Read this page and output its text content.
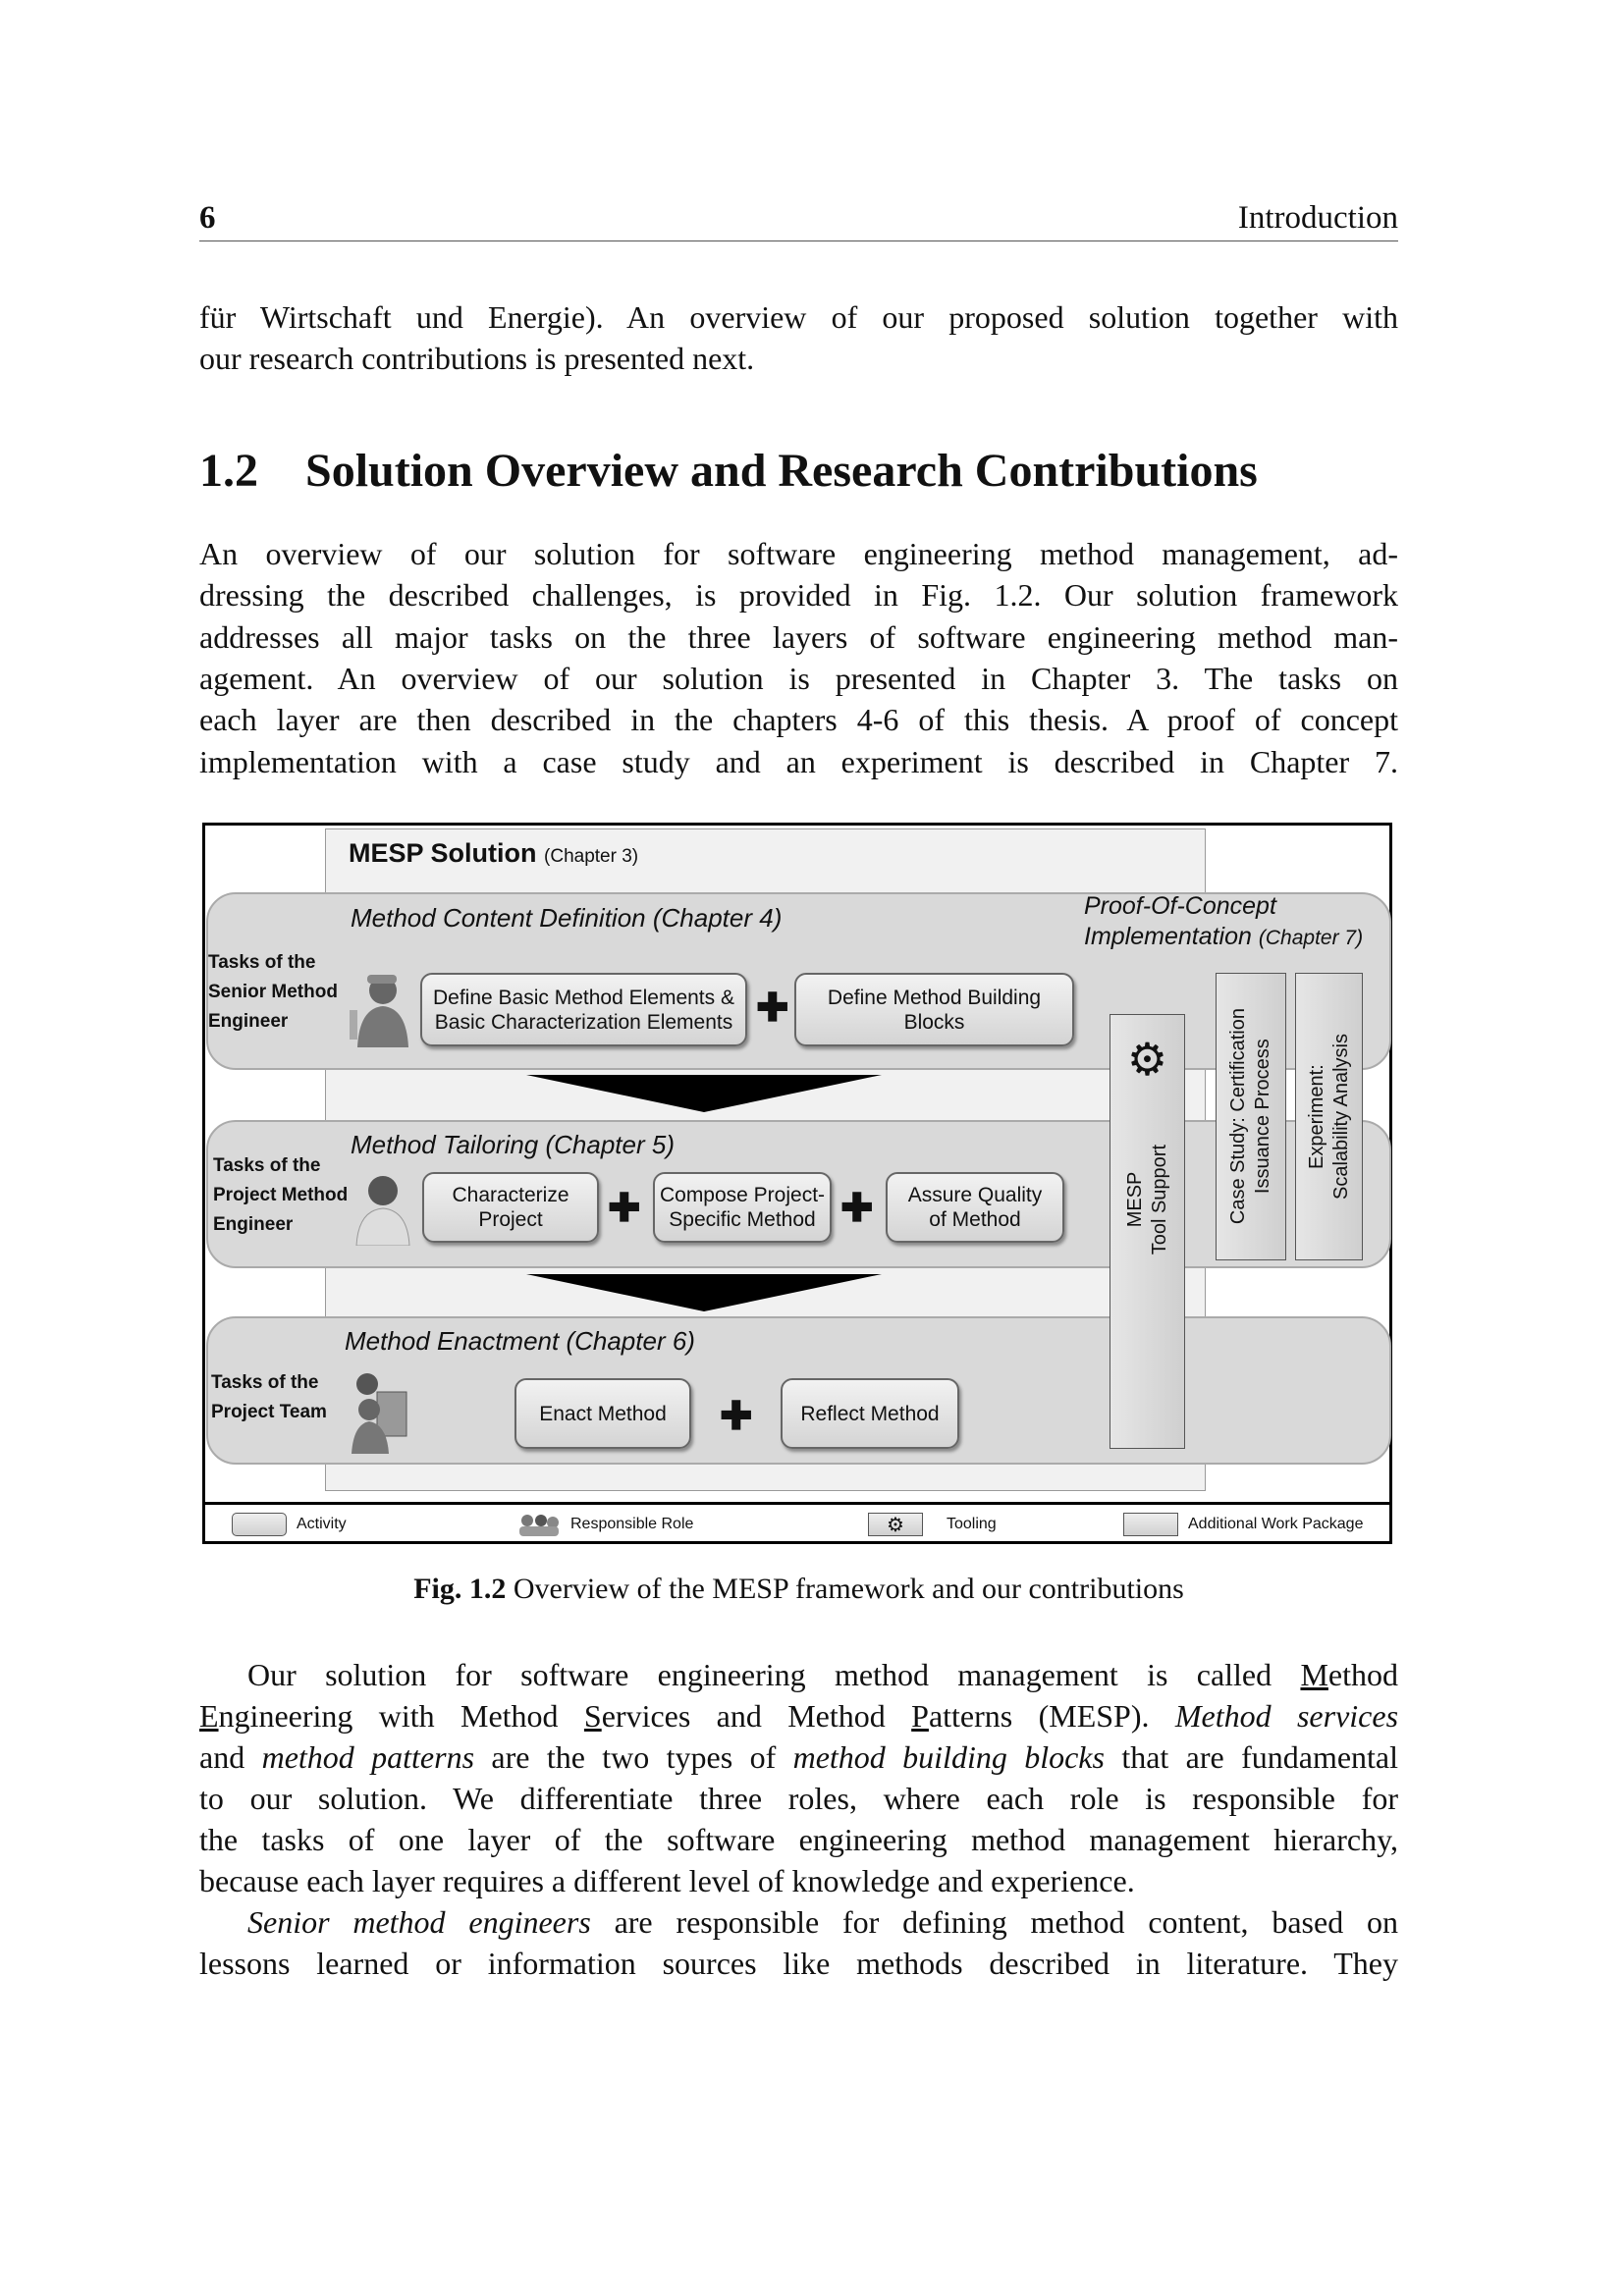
6	Introduction
für Wirtschaft und Energie). An overview of our proposed solution together with
our research contributions is presented next.
1.2 Solution Overview and Research Contributions
An overview of our solution for software engineering method management, ad-
dressing the described challenges, is provided in Fig. 1.2. Our solution framework
addresses all major tasks on the three layers of software engineering method man-
agement. An overview of our solution is presented in Chapter 3. The tasks on
each layer are then described in the chapters 4-6 of this thesis. A proof of concept
implementation with a case study and an experiment is described in Chapter 7.
MESP Solution (Chapter 3)
Method Content Definition (Chapter 4)
Tasks of the
Senior Method
Engineer
Define Basic Method Elements & Basic Characterization Elements ✚	Define Method Building Blocks
Method Tailoring (Chapter 5)
Tasks of the
Project Method
Engineer
Characterize Project	✚ Compose Project-Specific Method ✚	Assure Quality of Method
Method Enactment (Chapter 6)
Tasks of the
Project Team	Enact Method	✚	Reflect Method
Proof-Of-Concept
Implementation (Chapter 7)
⚙
MESP Tool Support	Case Study: Certification Issuance Process Experiment: Scalability Analysis
Activity	Responsible Role	⚙	Tooling	Additional Work Package
Fig. 1.2 Overview of the MESP framework and our contributions
Our solution for software engineering method management is called Method
Engineering with Method Services and Method Patterns (MESP). Method services
and method patterns are the two types of method building blocks that are fundamental
to our solution. We differentiate three roles, where each role is responsible for
the tasks of one layer of the software engineering method management hierarchy,
because each layer requires a different level of knowledge and experience.
Senior method engineers are responsible for defining method content, based on
lessons learned or information sources like methods described in literature. They
